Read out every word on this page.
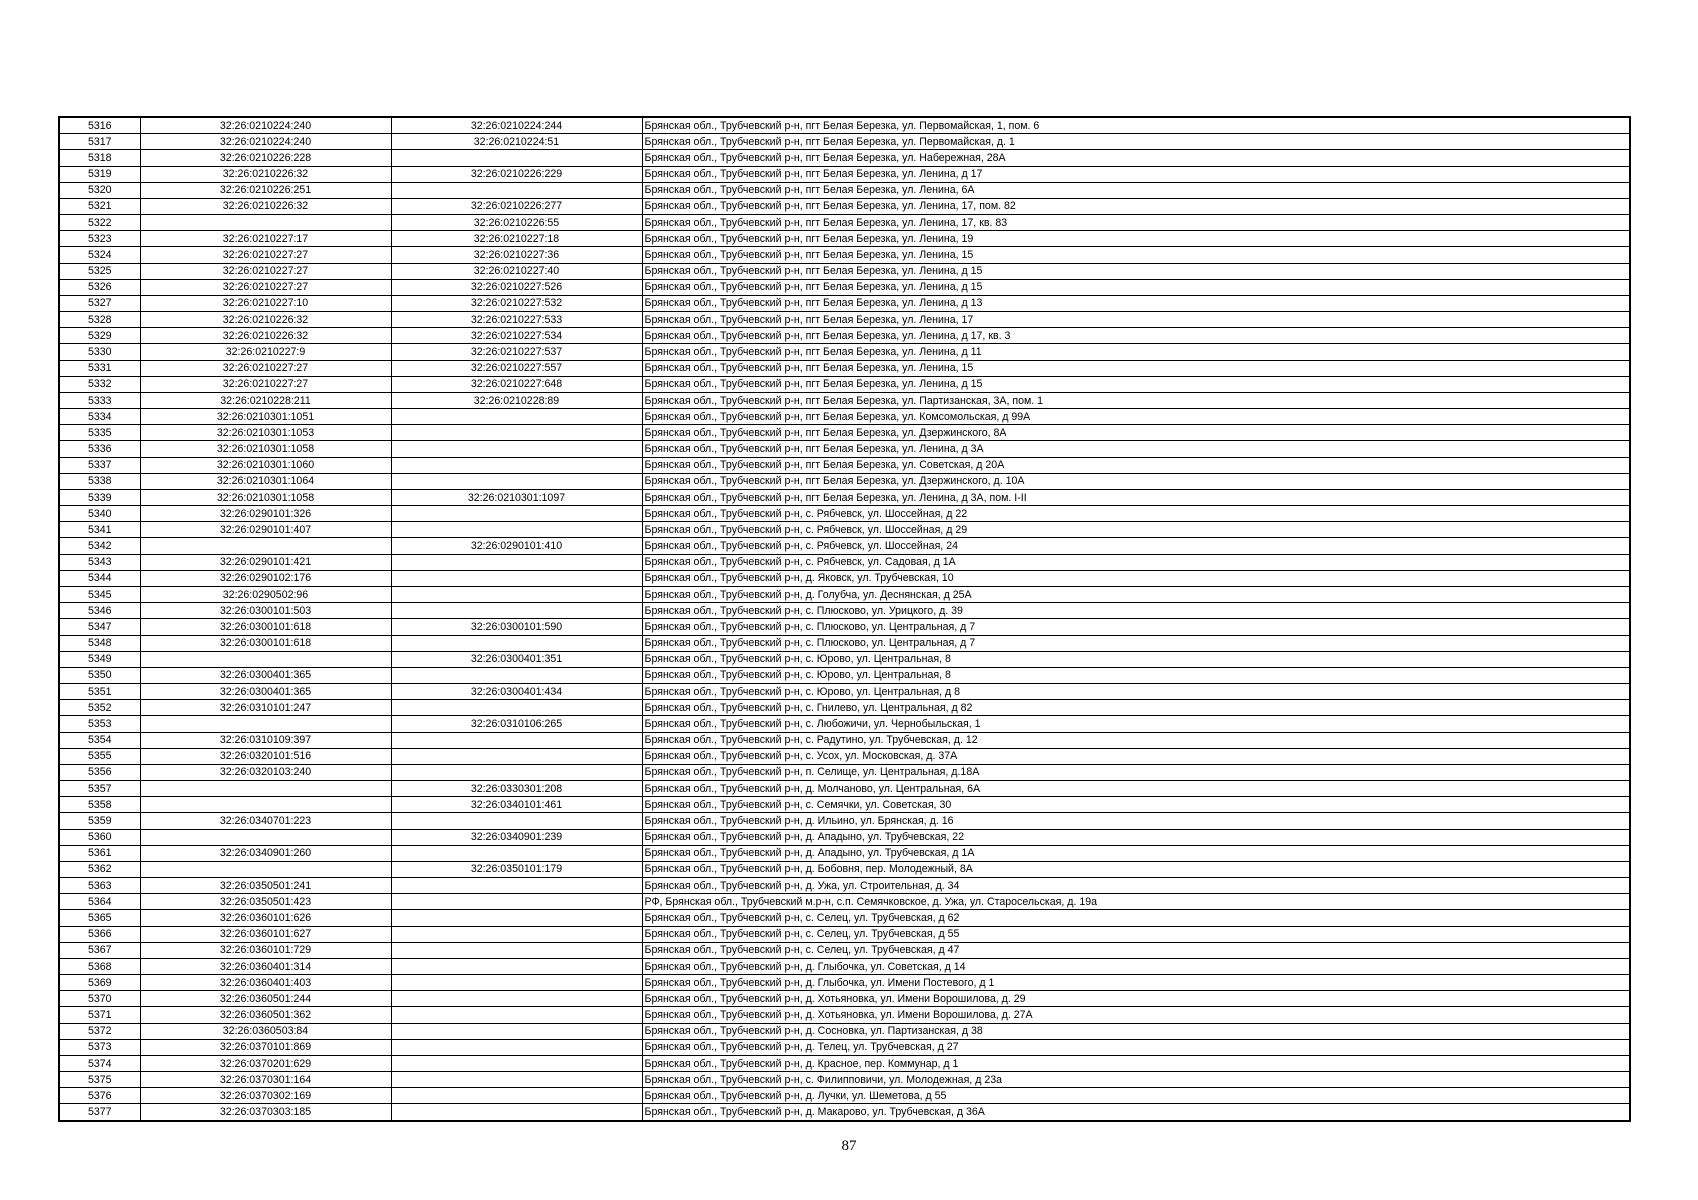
5316	32:26:0210224:240	32:26:0210224:244	Брянская обл., Трубчевский р-н, пгт Белая Березка, ул. Первомайская, 1, пом. 6
5317	32:26:0210224:240	32:26:0210224:51	Брянская обл., Трубчевский р-н, пгт Белая Березка, ул. Первомайская, д. 1
5318	32:26:0210226:228		Брянская обл., Трубчевский р-н, пгт Белая Березка, ул. Набережная, 28А
5319	32:26:0210226:32	32:26:0210226:229	Брянская обл., Трубчевский р-н, пгт Белая Березка, ул. Ленина, д 17
5320	32:26:0210226:251		Брянская обл., Трубчевский р-н, пгт Белая Березка, ул. Ленина, 6А
5321	32:26:0210226:32	32:26:0210226:277	Брянская обл., Трубчевский р-н, пгт Белая Березка, ул. Ленина, 17, пом. 82
5322		32:26:0210226:55	Брянская обл., Трубчевский р-н, пгт Белая Березка, ул. Ленина, 17, кв. 83
5323	32:26:0210227:17	32:26:0210227:18	Брянская обл., Трубчевский р-н, пгт Белая Березка, ул. Ленина, 19
5324	32:26:0210227:27	32:26:0210227:36	Брянская обл., Трубчевский р-н, пгт Белая Березка, ул. Ленина, 15
5325	32:26:0210227:27	32:26:0210227:40	Брянская обл., Трубчевский р-н, пгт Белая Березка, ул. Ленина, д 15
5326	32:26:0210227:27	32:26:0210227:526	Брянская обл., Трубчевский р-н, пгт Белая Березка, ул. Ленина, д 15
5327	32:26:0210227:10	32:26:0210227:532	Брянская обл., Трубчевский р-н, пгт Белая Березка, ул. Ленина, д 13
5328	32:26:0210226:32	32:26:0210227:533	Брянская обл., Трубчевский р-н, пгт Белая Березка, ул. Ленина, 17
5329	32:26:0210226:32	32:26:0210227:534	Брянская обл., Трубчевский р-н, пгт Белая Березка, ул. Ленина, д 17, кв. 3
5330	32:26:0210227:9	32:26:0210227:537	Брянская обл., Трубчевский р-н, пгт Белая Березка, ул. Ленина, д 11
5331	32:26:0210227:27	32:26:0210227:557	Брянская обл., Трубчевский р-н, пгт Белая Березка, ул. Ленина, 15
5332	32:26:0210227:27	32:26:0210227:648	Брянская обл., Трубчевский р-н, пгт Белая Березка, ул. Ленина, д 15
5333	32:26:0210228:211	32:26:0210228:89	Брянская обл., Трубчевский р-н, пгт Белая Березка, ул. Партизанская, 3А, пом. 1
5334	32:26:0210301:1051		Брянская обл., Трубчевский р-н, пгт Белая Березка, ул. Комсомольская, д 99А
5335	32:26:0210301:1053		Брянская обл., Трубчевский р-н, пгт Белая Березка, ул. Дзержинского, 8А
5336	32:26:0210301:1058		Брянская обл., Трубчевский р-н, пгт Белая Березка, ул. Ленина, д 3А
5337	32:26:0210301:1060		Брянская обл., Трубчевский р-н, пгт Белая Березка, ул. Советская, д 20А
5338	32:26:0210301:1064		Брянская обл., Трубчевский р-н, пгт Белая Березка, ул. Дзержинского, д. 10А
5339	32:26:0210301:1058	32:26:0210301:1097	Брянская обл., Трубчевский р-н, пгт Белая Березка, ул. Ленина, д 3А, пом. I-II
5340	32:26:0290101:326		Брянская обл., Трубчевский р-н, с. Рябчевск, ул. Шоссейная, д 22
5341	32:26:0290101:407		Брянская обл., Трубчевский р-н, с. Рябчевск, ул. Шоссейная, д 29
5342		32:26:0290101:410	Брянская обл., Трубчевский р-н, с. Рябчевск, ул. Шоссейная, 24
5343	32:26:0290101:421		Брянская обл., Трубчевский р-н, с. Рябчевск, ул. Садовая, д 1А
5344	32:26:0290102:176		Брянская обл., Трубчевский р-н, д. Яковск, ул. Трубчевская, 10
5345	32:26:0290502:96		Брянская обл., Трубчевский р-н, д. Голубча, ул. Деснянская, д 25А
5346	32:26:0300101:503		Брянская обл., Трубчевский р-н, с. Плюсково, ул. Урицкого, д. 39
5347	32:26:0300101:618	32:26:0300101:590	Брянская обл., Трубчевский р-н, с. Плюсково, ул. Центральная, д 7
5348	32:26:0300101:618		Брянская обл., Трубчевский р-н, с. Плюсково, ул. Центральная, д 7
5349		32:26:0300401:351	Брянская обл., Трубчевский р-н, с. Юрово, ул. Центральная, 8
5350	32:26:0300401:365		Брянская обл., Трубчевский р-н, с. Юрово, ул. Центральная, 8
5351	32:26:0300401:365	32:26:0300401:434	Брянская обл., Трубчевский р-н, с. Юрово, ул. Центральная, д 8
5352	32:26:0310101:247		Брянская обл., Трубчевский р-н, с. Гнилево, ул. Центральная, д 82
5353		32:26:0310106:265	Брянская обл., Трубчевский р-н, с. Любожичи, ул. Чернобыльская, 1
5354	32:26:0310109:397		Брянская обл., Трубчевский р-н, с. Радутино, ул. Трубчевская, д. 12
5355	32:26:0320101:516		Брянская обл., Трубчевский р-н, с. Усох, ул. Московская, д. 37А
5356	32:26:0320103:240		Брянская обл., Трубчевский р-н, п. Селище, ул. Центральная, д.18А
5357		32:26:0330301:208	Брянская обл., Трубчевский р-н, д. Молчаново, ул. Центральная, 6А
5358		32:26:0340101:461	Брянская обл., Трубчевский р-н, с. Семячки, ул. Советская, 30
5359	32:26:0340701:223		Брянская обл., Трубчевский р-н, д. Ильино, ул. Брянская, д. 16
5360		32:26:0340901:239	Брянская обл., Трубчевский р-н, д. Ападыно, ул. Трубчевская, 22
5361	32:26:0340901:260		Брянская обл., Трубчевский р-н, д. Ападыно, ул. Трубчевская, д 1А
5362		32:26:0350101:179	Брянская обл., Трубчевский р-н, д. Бобовня, пер. Молодежный, 8А
5363	32:26:0350501:241		Брянская обл., Трубчевский р-н, д. Ужа, ул. Строительная, д. 34
5364	32:26:0350501:423		РФ, Брянская обл., Трубчевский м.р-н, с.п. Семячковское, д. Ужа, ул. Старосельская, д. 19а
5365	32:26:0360101:626		Брянская обл., Трубчевский р-н, с. Селец, ул. Трубчевская, д 62
5366	32:26:0360101:627		Брянская обл., Трубчевский р-н, с. Селец, ул. Трубчевская, д 55
5367	32:26:0360101:729		Брянская обл., Трубчевский р-н, с. Селец, ул. Трубчевская, д 47
5368	32:26:0360401:314		Брянская обл., Трубчевский р-н, д. Глыбочка, ул. Советская, д 14
5369	32:26:0360401:403		Брянская обл., Трубчевский р-н, д. Глыбочка, ул. Имени Постевого, д 1
5370	32:26:0360501:244		Брянская обл., Трубчевский р-н, д. Хотьяновка, ул. Имени Ворошилова, д. 29
5371	32:26:0360501:362		Брянская обл., Трубчевский р-н, д. Хотьяновка, ул. Имени Ворошилова, д. 27А
5372	32:26:0360503:84		Брянская обл., Трубчевский р-н, д. Сосновка, ул. Партизанская, д 38
5373	32:26:0370101:869		Брянская обл., Трубчевский р-н, д. Телец, ул. Трубчевская, д 27
5374	32:26:0370201:629		Брянская обл., Трубчевский р-н, д. Красное, пер. Коммунар, д 1
5375	32:26:0370301:164		Брянская обл., Трубчевский р-н, с. Филипповичи, ул. Молодежная, д 23а
5376	32:26:0370302:169		Брянская обл., Трубчевский р-н, д. Лучки, ул. Шеметова, д 55
5377	32:26:0370303:185		Брянская обл., Трубчевский р-н, д. Макарово, ул. Трубчевская, д 36А
87
